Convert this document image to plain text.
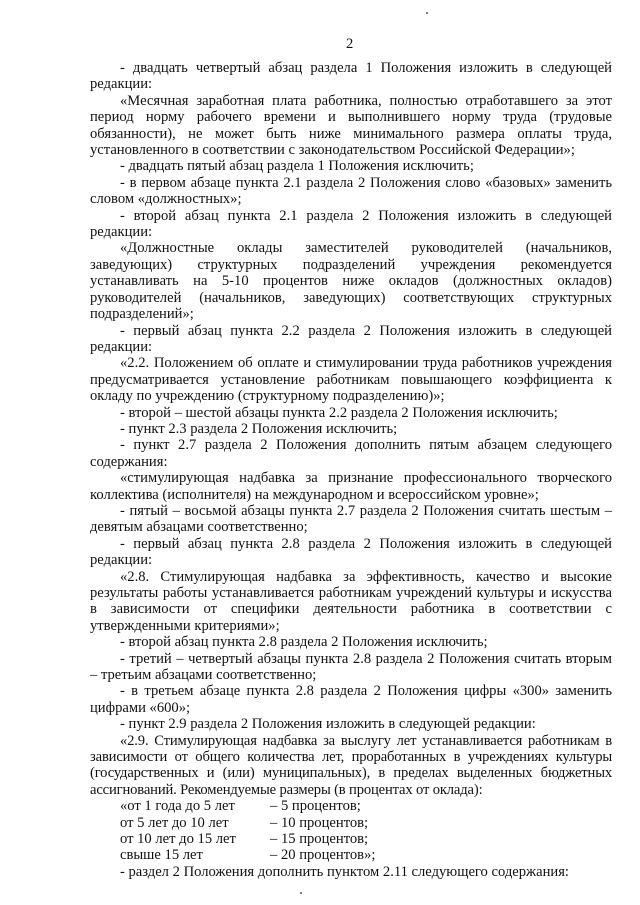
2

- двадцать четвертый абзац раздела 1 Положения изложить в следующей редакции:

«Месячная заработная плата работника, полностью отработавшего за этот период норму рабочего времени и выполнившего норму труда (трудовые обязанности), не может быть ниже минимального размера оплаты труда, установленного в соответствии с законодательством Российской Федерации»;

- двадцать пятый абзац раздела 1 Положения исключить;

- в первом абзаце пункта 2.1 раздела 2 Положения слово «базовых» заменить словом «должностных»;

- второй абзац пункта 2.1 раздела 2 Положения изложить в следующей редакции:

«Должностные оклады заместителей руководителей (начальников, заведующих) структурных подразделений учреждения рекомендуется устанавливать на 5-10 процентов ниже окладов (должностных окладов) руководителей (начальников, заведующих) соответствующих структурных подразделений»;

- первый абзац пункта 2.2 раздела 2 Положения изложить в следующей редакции:

«2.2. Положением об оплате и стимулировании труда работников учреждения предусматривается установление работникам повышающего коэффициента к окладу по учреждению (структурному подразделению)»;

- второй – шестой абзацы пункта 2.2 раздела 2 Положения исключить;

- пункт 2.3 раздела 2 Положения исключить;

- пункт 2.7 раздела 2 Положения дополнить пятым абзацем следующего содержания:

«стимулирующая надбавка за признание профессионального творческого коллектива (исполнителя) на международном и всероссийском уровне»;

- пятый – восьмой абзацы пункта 2.7 раздела 2 Положения считать шестым – девятым абзацами соответственно;

- первый абзац пункта 2.8 раздела 2 Положения изложить в следующей редакции:

«2.8. Стимулирующая надбавка за эффективность, качество и высокие результаты работы устанавливается работникам учреждений культуры и искусства в зависимости от специфики деятельности работника в соответствии с утвержденными критериями»;

- второй абзац пункта 2.8 раздела 2 Положения исключить;

- третий – четвертый абзацы пункта 2.8 раздела 2 Положения считать вторым – третьим абзацами соответственно;

- в третьем абзаце пункта 2.8 раздела 2 Положения цифры «300» заменить цифрами «600»;

- пункт 2.9 раздела 2 Положения изложить в следующей редакции:

«2.9. Стимулирующая надбавка за выслугу лет устанавливается работникам в зависимости от общего количества лет, проработанных в учреждениях культуры (государственных и (или) муниципальных), в пределах выделенных бюджетных ассигнований. Рекомендуемые размеры (в процентах от оклада):

«от 1 года до 5 лет	– 5 процентов;
от 5 лет до 10 лет	– 10 процентов;
от 10 лет до 15 лет	– 15 процентов;
свыше 15 лет	– 20 процентов»;

- раздел 2 Положения дополнить пунктом 2.11 следующего содержания:
